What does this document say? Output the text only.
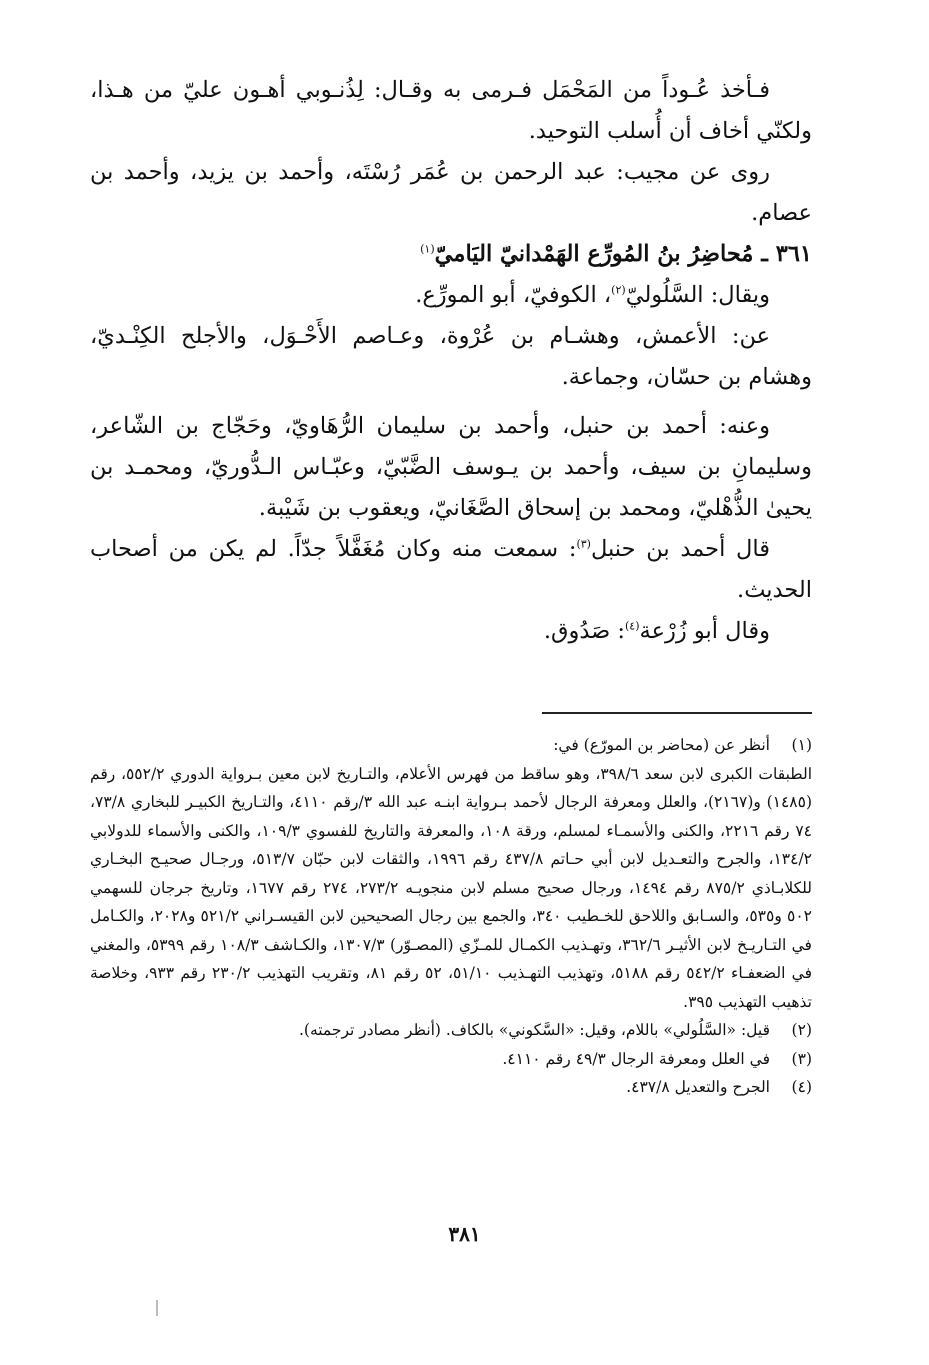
فـأخذ عُـوداً من المَحْمَل فـرمى به وقـال: لِذُنـوبي أهـون عليّ من هـذا، ولكنّي أخاف أن أُسلب التوحيد.

روى عن مجيب: عبد الرحمن بن عُمَر رُسْتَه، وأحمد بن يزيد، وأحمد بن عصام.

٣٦١ ـ مُحاضِرُ بنُ المُورِّع الهَمْدانيّ اليَاميّ$^{(١)}$

ويقال: السَّلُوليّ$^{(٢)}$، الكوفيّ، أبو المورِّع.

عن: الأعمش، وهشـام بن عُرْوة، وعـاصم الأَحْـوَل، والأجلح الكِنْـديّ، وهشام بن حسّان، وجماعة.

وعنه: أحمد بن حنبل، وأحمد بن سليمان الرُّهَاويّ، وحَجّاج بن الشّاعر، وسليمانِ بن سيف، وأحمد بن يـوسف الضَّبّيّ، وعبّـاس الـدُّوريّ، ومحمـد بن يحيىٰ الذُّهْليّ، ومحمد بن إسحاق الصَّغَانيّ، ويعقوب بن شَيْبة.

قال أحمد بن حنبل$^{(٣)}$: سمعت منه وكان مُغَفَّلاً جدّاً. لم يكن من أصحاب الحديث.

وقال أبو زُرْعة$^{(٤)}$: صَدُوق.

(١)
أنظر عن (محاضر بن المورّع) في:
الطبقات الكبرى لابن سعد ٣٩٨/٦، وهو ساقط من فهرس الأعلام، والتـاريخ لابن معين بـرواية الدوري ٥٥٢/٢، رقم (١٤٨٥) و(٢١٦٧)، والعلل ومعرفة الرجال لأحمد بـرواية ابنـه عبد الله ٣/رقم ٤١١٠، والتـاريخ الكبيـر للبخاري ٧٣/٨، ٧٤ رقم ٢٢١٦، والكنى والأسمـاء لمسلم، ورقة ١٠٨، والمعرفة والتاريخ للفسوي ١٠٩/٣، والكنى والأسماء للدولابي ١٣٤/٢، والجرح والتعـديل لابن أبي حـاتم ٤٣٧/٨ رقم ١٩٩٦، والثقات لابن حبّان ٥١٣/٧، ورجـال صحيـح البخـاري للكلابـاذي ٨٧٥/٢ رقم ١٤٩٤، ورجال صحيح مسلم لابن منجويـه ٢٧٣/٢، ٢٧٤ رقم ١٦٧٧، وتاريخ جرجان للسهمي ٥٠٢ و٥٣٥، والسـابق واللاحق للخـطيب ٣٤٠، والجمع بين رجال الصحيحين لابن القيسـراني ٥٢١/٢ و٢٠٢٨، والكـامل في التـاريـخ لابن الأثيـر ٣٦٢/٦، وتهـذيب الكمـال للمـزّي (المصـوّر) ١٣٠٧/٣، والكـاشف ١٠٨/٣ رقم ٥٣٩٩، والمغني في الضعفـاء ٥٤٢/٢ رقم ٥١٨٨، وتهذيب التهـذيب ٥١/١٠، ٥٢ رقم ٨١، وتقريب التهذيب ٢٣٠/٢ رقم ٩٣٣، وخلاصة تذهيب التهذيب ٣٩٥.
(٢)
قيل: «السَّلُولي» باللام، وقيل: «السَّكوني» بالكاف. (أنظر مصادر ترجمته).
(٣)
في العلل ومعرفة الرجال ٤٩/٣ رقم ٤١١٠.
(٤)
الجرح والتعديل ٤٣٧/٨.
٣٨١
